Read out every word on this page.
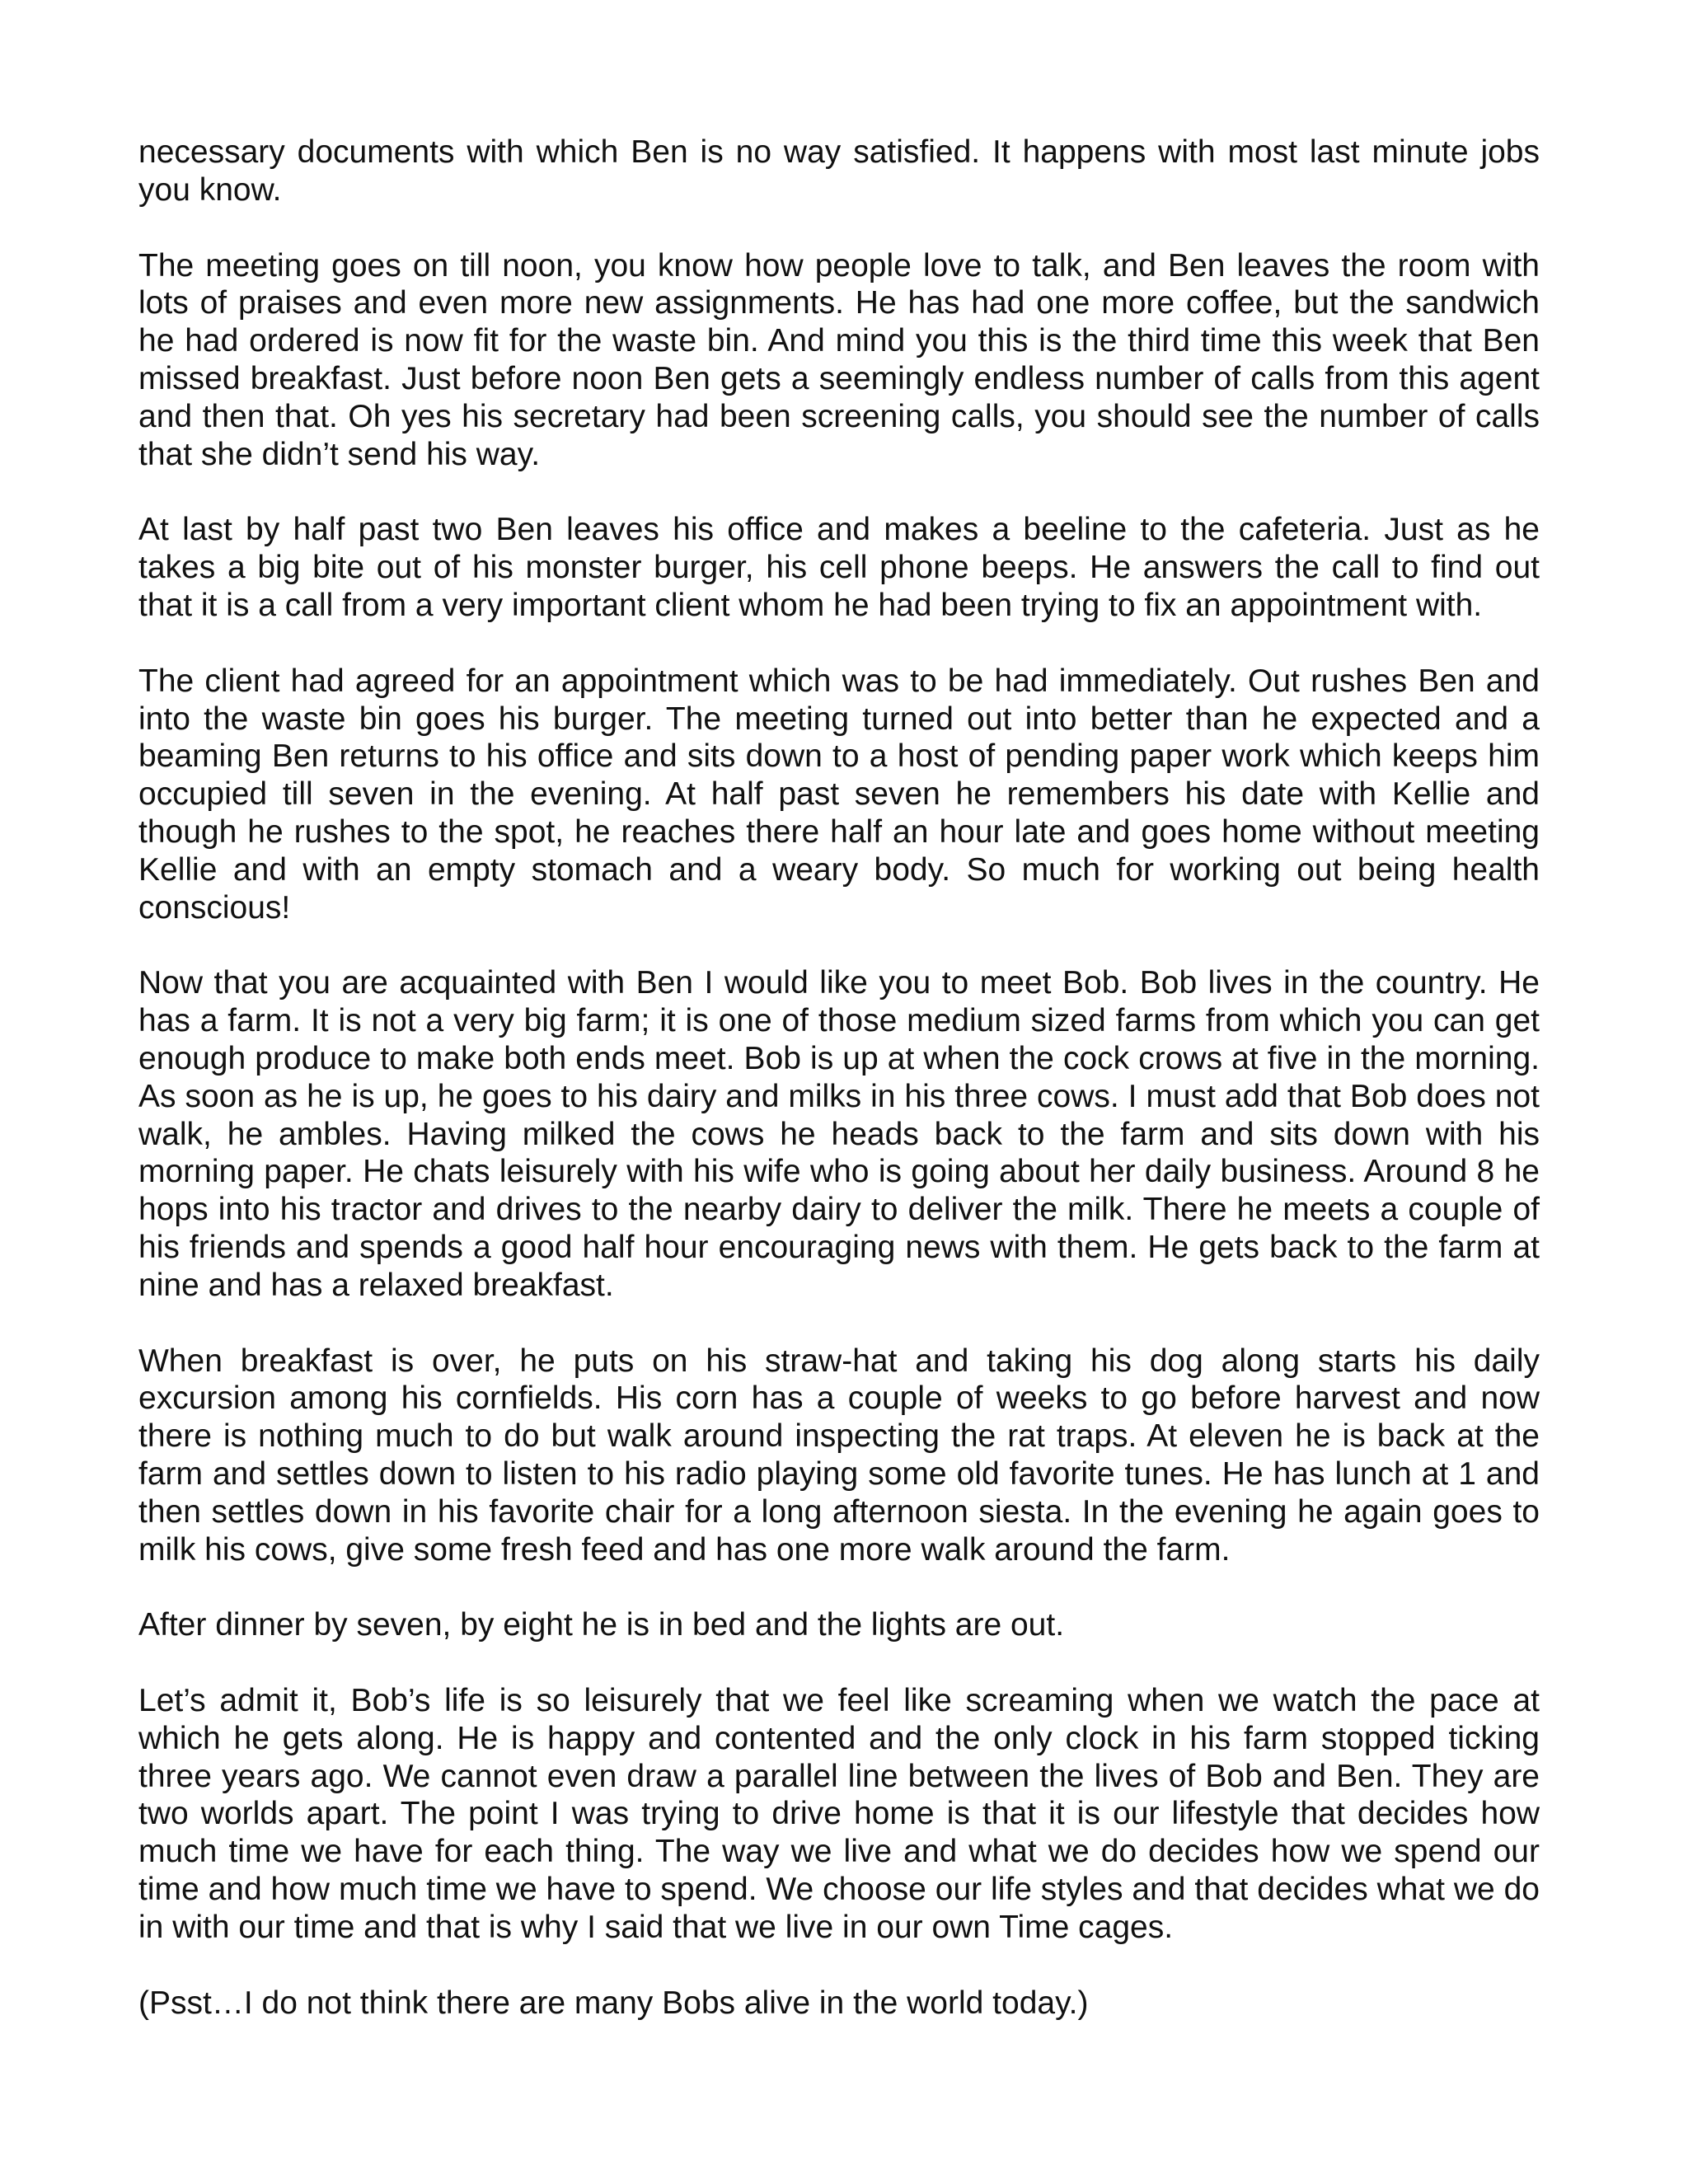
necessary documents with which Ben is no way satisfied. It happens with most last minute jobs you know.

The meeting goes on till noon, you know how people love to talk, and Ben leaves the room with lots of praises and even more new assignments. He has had one more coffee, but the sandwich he had ordered is now fit for the waste bin. And mind you this is the third time this week that Ben missed breakfast. Just before noon Ben gets a seemingly endless number of calls from this agent and then that. Oh yes his secretary had been screening calls, you should see the number of calls that she didn’t send his way.

At last by half past two Ben leaves his office and makes a beeline to the cafeteria. Just as he takes a big bite out of his monster burger, his cell phone beeps. He answers the call to find out that it is a call from a very important client whom he had been trying to fix an appointment with.

The client had agreed for an appointment which was to be had immediately. Out rushes Ben and into the waste bin goes his burger. The meeting turned out into better than he expected and a beaming Ben returns to his office and sits down to a host of pending paper work which keeps him occupied till seven in the evening. At half past seven he remembers his date with Kellie and though he rushes to the spot, he reaches there half an hour late and goes home without meeting Kellie and with an empty stomach and a weary body. So much for working out being health conscious!

Now that you are acquainted with Ben I would like you to meet Bob. Bob lives in the country. He has a farm. It is not a very big farm; it is one of those medium sized farms from which you can get enough produce to make both ends meet. Bob is up at when the cock crows at five in the morning. As soon as he is up, he goes to his dairy and milks in his three cows. I must add that Bob does not walk, he ambles. Having milked the cows he heads back to the farm and sits down with his morning paper. He chats leisurely with his wife who is going about her daily business. Around 8 he hops into his tractor and drives to the nearby dairy to deliver the milk. There he meets a couple of his friends and spends a good half hour encouraging news with them. He gets back to the farm at nine and has a relaxed breakfast.

When breakfast is over, he puts on his straw-hat and taking his dog along starts his daily excursion among his cornfields. His corn has a couple of weeks to go before harvest and now there is nothing much to do but walk around inspecting the rat traps. At eleven he is back at the farm and settles down to listen to his radio playing some old favorite tunes. He has lunch at 1 and then settles down in his favorite chair for a long afternoon siesta. In the evening he again goes to milk his cows, give some fresh feed and has one more walk around the farm.

After dinner by seven, by eight he is in bed and the lights are out.

Let’s admit it, Bob’s life is so leisurely that we feel like screaming when we watch the pace at which he gets along. He is happy and contented and the only clock in his farm stopped ticking three years ago. We cannot even draw a parallel line between the lives of Bob and Ben. They are two worlds apart. The point I was trying to drive home is that it is our lifestyle that decides how much time we have for each thing. The way we live and what we do decides how we spend our time and how much time we have to spend. We choose our life styles and that decides what we do in with our time and that is why I said that we live in our own Time cages.

(Psst…I do not think there are many Bobs alive in the world today.)
